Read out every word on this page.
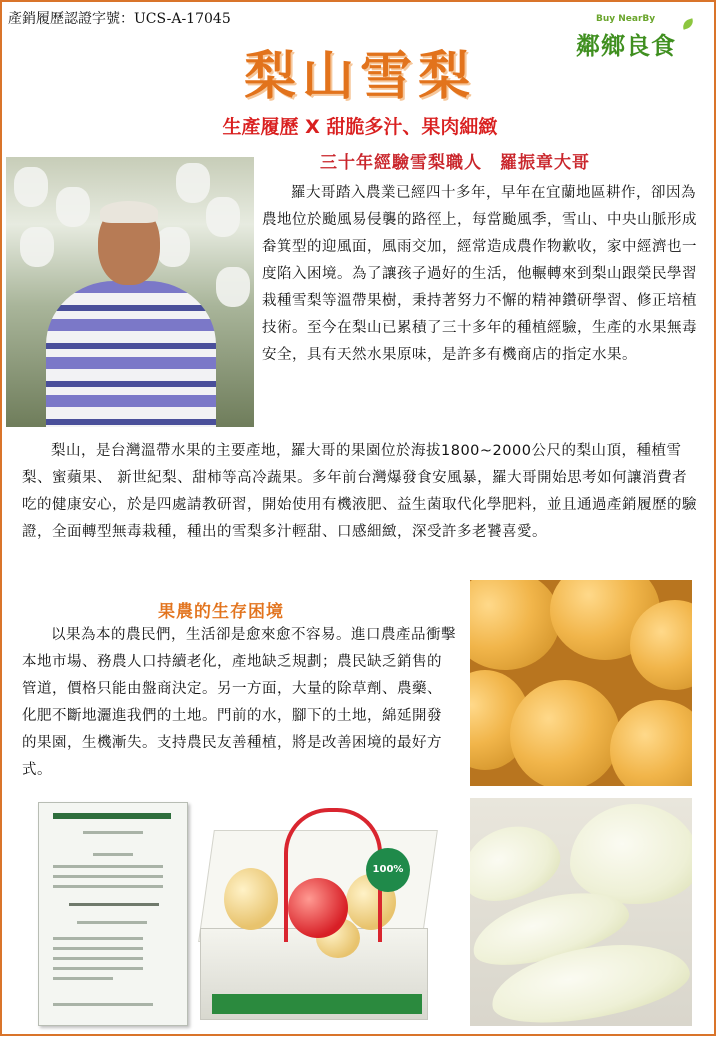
產銷履歷認證字號：UCS-A-17045	Buy NearBy
鄰鄉良食
梨山雪梨
生產履歷 X 甜脆多汁、果肉細緻
三十年經驗雪梨職人　羅振章大哥
羅大哥踏入農業已經四十多年，早年在宜蘭地區耕作，卻因為農地位於颱風易侵襲的路徑上，每當颱風季，雪山、中央山脈形成畚箕型的迎風面，風雨交加，經常造成農作物歉收，家中經濟也一度陷入困境。為了讓孩子過好的生活，他輾轉來到梨山跟榮民學習栽種雪梨等溫帶果樹，秉持著努力不懈的精神鑽研學習、修正培植技術。至今在梨山已累積了三十多年的種植經驗，生產的水果無毒安全，具有天然水果原味，是許多有機商店的指定水果。
梨山，是台灣溫帶水果的主要產地，羅大哥的果園位於海拔1800~2000公尺的梨山頂，種植雪梨、蜜蘋果、 新世紀梨、甜柿等高冷蔬果。多年前台灣爆發食安風暴，羅大哥開始思考如何讓消費者吃的健康安心，於是四處請教研習，開始使用有機液肥、益生菌取代化學肥料，並且通過產銷履歷的驗證，全面轉型無毒栽種，種出的雪梨多汁輕甜、口感細緻，深受許多老饕喜愛。
果農的生存困境
以果為本的農民們，生活卻是愈來愈不容易。進口農產品衝擊本地市場、務農人口持續老化，產地缺乏規劃；農民缺乏銷售的管道，價格只能由盤商決定。另一方面，大量的除草劑、農藥、化肥不斷地灑進我們的土地。門前的水，腳下的土地，綿延開發的果園，生機漸失。支持農民友善種植，將是改善困境的最好方式。
100%
